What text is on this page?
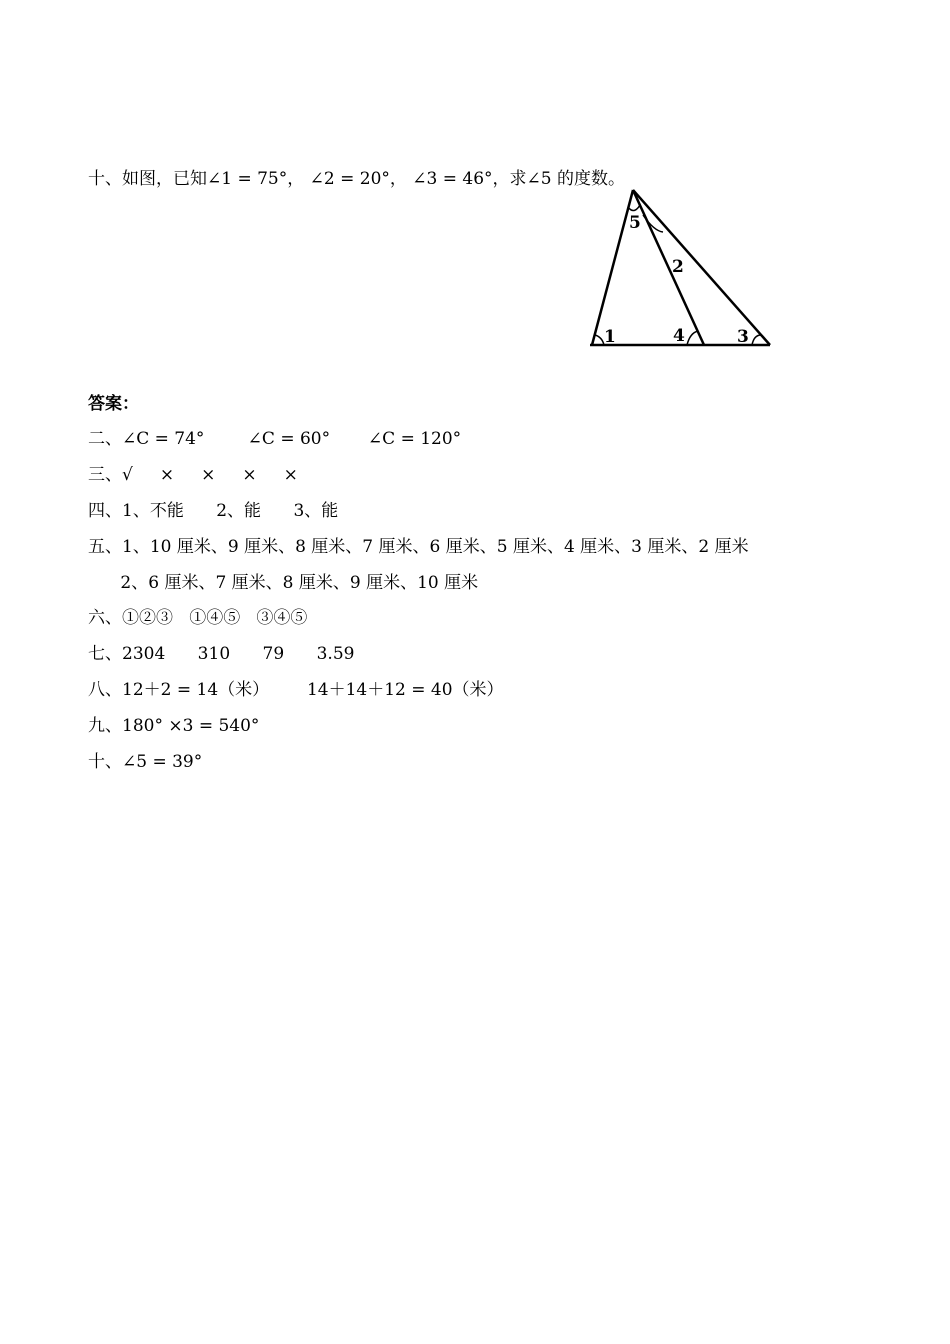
十、如图，已知∠1 = 75°， ∠2 = 20°， ∠3 = 46°，求∠5 的度数。
5
2
1	4	3
答案：
二、∠C = 74°        ∠C = 60°       ∠C = 120°
三、√     ×     ×     ×     ×
四、1、不能      2、能      3、能
五、1、10 厘米、9 厘米、8 厘米、7 厘米、6 厘米、5 厘米、4 厘米、3 厘米、2 厘米
2、6 厘米、7 厘米、8 厘米、9 厘米、10 厘米
六、①②③   ①④⑤   ③④⑤
七、2304      310      79      3.59
八、12＋2 = 14（米）       14＋14＋12 = 40（米）
九、180° ×3 = 540°
十、∠5 = 39°
